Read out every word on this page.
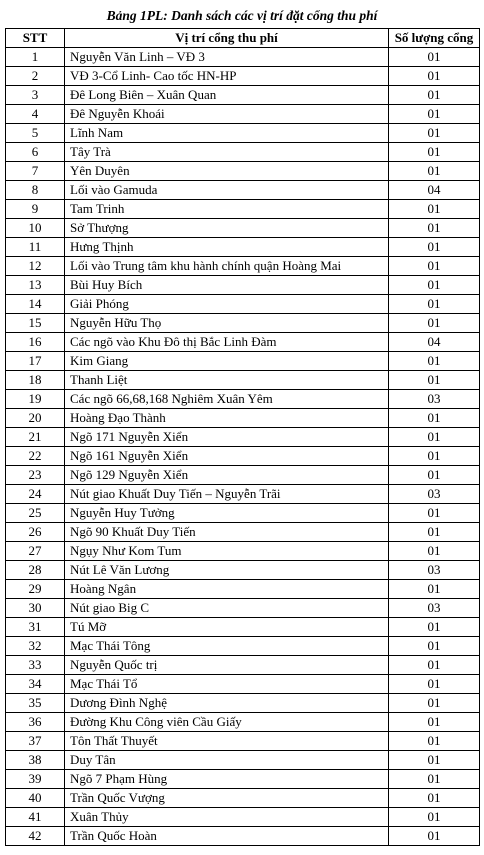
Bảng 1PL: Danh sách các vị trí đặt cổng thu phí
STT	Vị trí cổng thu phí	Số lượng cổng
1	Nguyễn Văn Linh – VĐ 3	01
2	VĐ 3-Cổ Linh- Cao tốc HN-HP	01
3	Đê Long Biên – Xuân Quan	01
4	Đê Nguyễn Khoái	01
5	Lĩnh Nam	01
6	Tây Trà	01
7	Yên Duyên	01
8	Lối vào Gamuda	04
9	Tam Trinh	01
10	Sở Thượng	01
11	Hưng Thịnh	01
12	Lối vào Trung tâm khu hành chính quận Hoàng Mai	01
13	Bùi Huy Bích	01
14	Giải Phóng	01
15	Nguyễn Hữu Thọ	01
16	Các ngõ vào Khu Đô thị Bắc Linh Đàm	04
17	Kim Giang	01
18	Thanh Liệt	01
19	Các ngõ 66,68,168 Nghiêm Xuân Yêm	03
20	Hoàng Đạo Thành	01
21	Ngõ 171 Nguyễn Xiển	01
22	Ngõ 161 Nguyễn Xiển	01
23	Ngõ 129 Nguyễn Xiển	01
24	Nút giao Khuất Duy Tiến – Nguyễn Trãi	03
25	Nguyễn Huy Tưởng	01
26	Ngõ 90 Khuất Duy Tiến	01
27	Ngụy Như Kom Tum	01
28	Nút Lê Văn Lương	03
29	Hoàng Ngân	01
30	Nút giao Big C	03
31	Tú Mỡ	01
32	Mạc Thái Tông	01
33	Nguyễn Quốc trị	01
34	Mạc Thái Tổ	01
35	Dương Đình Nghệ	01
36	Đường Khu Công viên Cầu Giấy	01
37	Tôn Thất Thuyết	01
38	Duy Tân	01
39	Ngõ 7 Phạm Hùng	01
40	Trần Quốc Vượng	01
41	Xuân Thủy	01
42	Trần Quốc Hoàn	01
